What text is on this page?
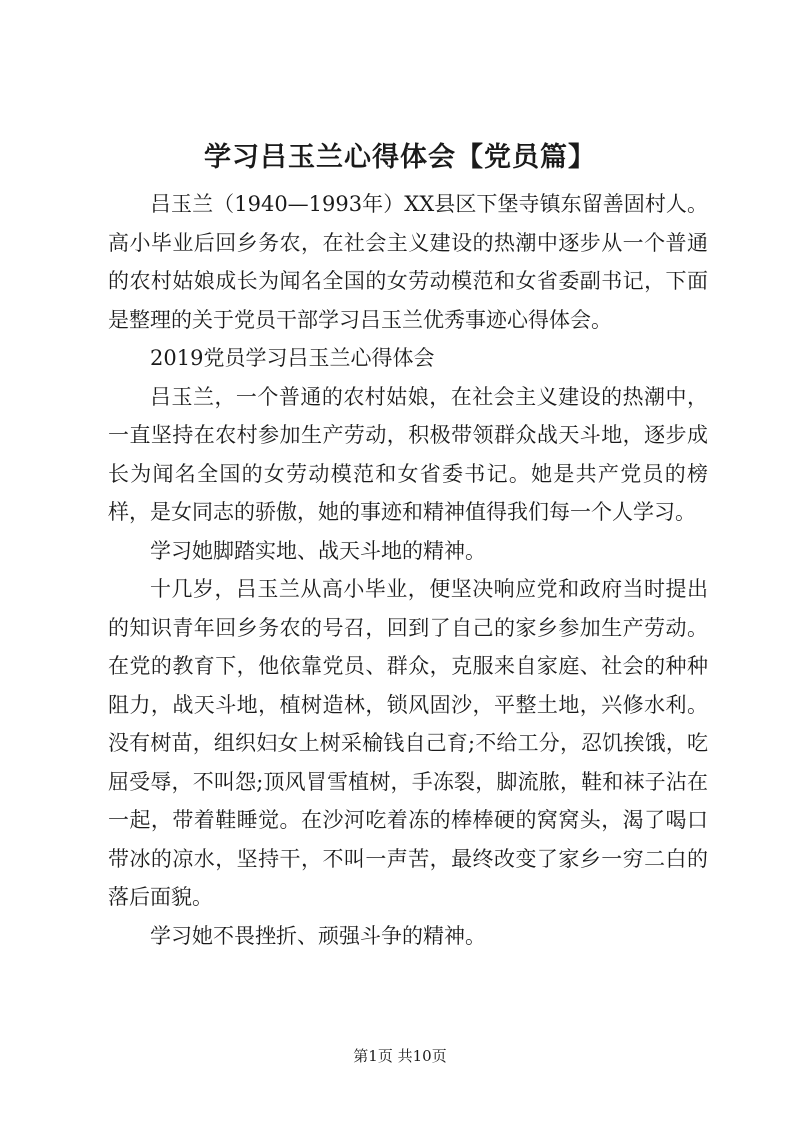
学习吕玉兰心得体会【党员篇】

吕玉兰（1940—1993年）XX县区下堡寺镇东留善固村人。高小毕业后回乡务农，在社会主义建设的热潮中逐步从一个普通的农村姑娘成长为闻名全国的女劳动模范和女省委副书记，下面是整理的关于党员干部学习吕玉兰优秀事迹心得体会。

2019党员学习吕玉兰心得体会

吕玉兰，一个普通的农村姑娘，在社会主义建设的热潮中，一直坚持在农村参加生产劳动，积极带领群众战天斗地，逐步成长为闻名全国的女劳动模范和女省委书记。她是共产党员的榜样，是女同志的骄傲，她的事迹和精神值得我们每一个人学习。

学习她脚踏实地、战天斗地的精神。

十几岁，吕玉兰从高小毕业，便坚决响应党和政府当时提出的知识青年回乡务农的号召，回到了自己的家乡参加生产劳动。在党的教育下，他依靠党员、群众，克服来自家庭、社会的种种阻力，战天斗地，植树造林，锁风固沙，平整土地，兴修水利。没有树苗，组织妇女上树采榆钱自己育;不给工分，忍饥挨饿，吃屈受辱，不叫怨;顶风冒雪植树，手冻裂，脚流脓，鞋和袜子沾在一起，带着鞋睡觉。在沙河吃着冻的棒棒硬的窝窝头，渴了喝口带冰的凉水，坚持干，不叫一声苦，最终改变了家乡一穷二白的落后面貌。

学习她不畏挫折、顽强斗争的精神。

第1页 共10页
